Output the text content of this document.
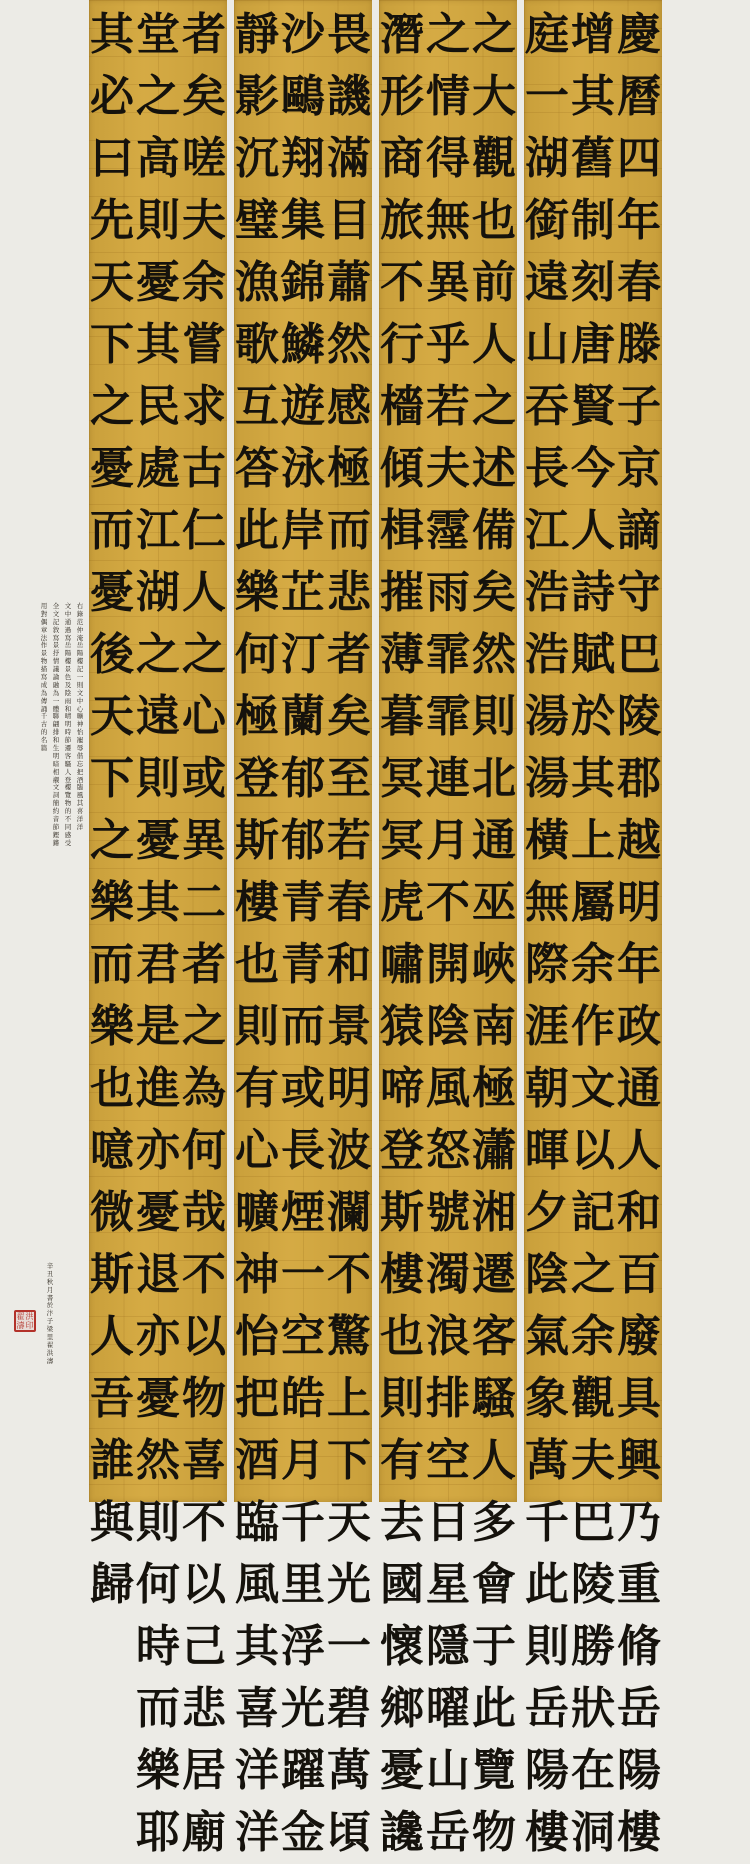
慶
曆
四
年
春
滕
子
京
謫
守
巴
陵
郡
越
明
年
政
通
人
和
百
廢
具
興
乃
重
脩
岳
陽
樓
增
其
舊
制
刻
唐
賢
今
人
詩
賦
於
其
上
屬
余
作
文
以
記
之
余
觀
夫
巴
陵
勝
狀
在
洞
庭
一
湖
銜
遠
山
吞
長
江
浩
浩
湯
湯
橫
無
際
涯
朝
暉
夕
陰
氣
象
萬
千
此
則
岳
陽
樓
之
大
觀
也
前
人
之
述
備
矣
然
則
北
通
巫
峽
南
極
瀟
湘
遷
客
騷
人
多
會
于
此
覽
物
之
情
得
無
異
乎
若
夫
霪
雨
霏
霏
連
月
不
開
陰
風
怒
號
濁
浪
排
空
日
星
隱
曜
山
岳
潛
形
商
旅
不
行
檣
傾
楫
摧
薄
暮
冥
冥
虎
嘯
猿
啼
登
斯
樓
也
則
有
去
國
懷
鄉
憂
讒
畏
譏
滿
目
蕭
然
感
極
而
悲
者
矣
至
若
春
和
景
明
波
瀾
不
驚
上
下
天
光
一
碧
萬
頃
沙
鷗
翔
集
錦
鱗
遊
泳
岸
芷
汀
蘭
郁
郁
青
青
而
或
長
煙
一
空
皓
月
千
里
浮
光
躍
金
靜
影
沉
璧
漁
歌
互
答
此
樂
何
極
登
斯
樓
也
則
有
心
曠
神
怡
把
酒
臨
風
其
喜
洋
洋
者
矣
嗟
夫
余
嘗
求
古
仁
人
之
心
或
異
二
者
之
為
何
哉
不
以
物
喜
不
以
己
悲
居
廟
堂
之
高
則
憂
其
民
處
江
湖
之
遠
則
憂
其
君
是
進
亦
憂
退
亦
憂
然
則
何
時
而
樂
耶
其
必
曰
先
天
下
之
憂
而
憂
後
天
下
之
樂
而
樂
也
噫
微
斯
人
吾
誰
與
歸
右
錄
范
仲
淹
岳
陽
樓
記
一
則
文
中
心
曠
神
怡
寵
辱
偕
忘
把
酒
臨
風
其
喜
洋
洋
文
中
通
過
寫
岳
陽
樓
景
色
及
陰
雨
和
晴
明
時
節
遷
客
騷
人
登
樓
覽
物
的
不
同
感
受
全
文
記
敘
寫
景
抒
情
議
論
融
為
一
體
聯
翩
排
和
生
明
暗
相
襯
文
詞
簡
約
音
節
鏗
鏘
用
對
偶
章
法
作
景
物
描
寫
成
為
傳
誦
千
古
的
名
篇
辛
丑
秋
月
書
於
汴
子
梁
里
翟
洪
濤
翟 洪
濤 印
